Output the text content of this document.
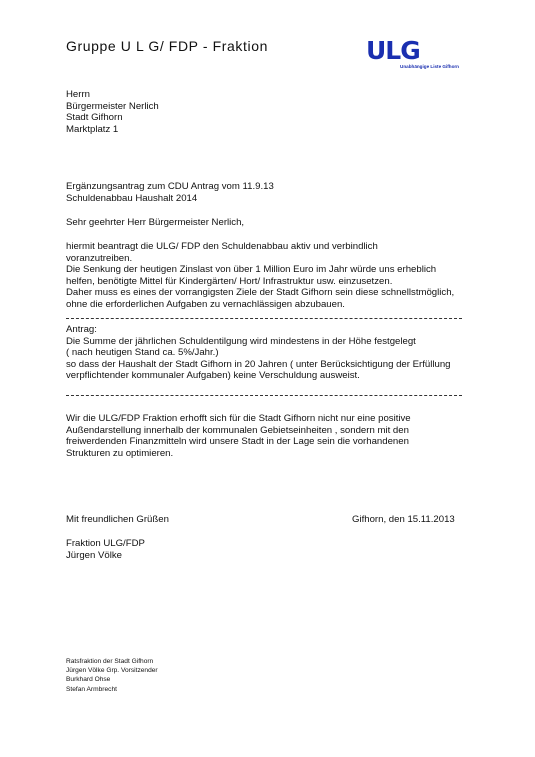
Gruppe U L G/ FDP - Fraktion	ULG
Unabhängige Liste Gifhorn
Herrn
Bürgermeister Nerlich
Stadt Gifhorn
Marktplatz 1
Ergänzungsantrag zum CDU Antrag vom 11.9.13
Schuldenabbau Haushalt 2014
Sehr geehrter Herr Bürgermeister Nerlich,
hiermit beantragt die ULG/ FDP den Schuldenabbau aktiv und verbindlich
voranzutreiben.
Die Senkung der heutigen Zinslast von über 1 Million Euro im Jahr würde uns erheblich
helfen, benötigte Mittel für Kindergärten/ Hort/ Infrastruktur usw. einzusetzen.
Daher muss es eines der vorrangigsten Ziele der Stadt Gifhorn sein diese schnellstmöglich,
ohne die erforderlichen Aufgaben zu vernachlässigen abzubauen.
Antrag:
Die Summe der jährlichen Schuldentilgung wird mindestens in der Höhe festgelegt
( nach heutigen Stand ca. 5%/Jahr.)
so dass der Haushalt der Stadt Gifhorn in 20 Jahren ( unter Berücksichtigung der Erfüllung
verpflichtender kommunaler Aufgaben) keine Verschuldung ausweist.
Wir die ULG/FDP Fraktion erhofft sich für die Stadt Gifhorn nicht nur eine positive
Außendarstellung innerhalb der kommunalen Gebietseinheiten , sondern mit den
freiwerdenden Finanzmitteln wird unsere Stadt in der Lage sein die vorhandenen
Strukturen zu optimieren.
Mit freundlichen Grüßen	Gifhorn, den 15.11.2013
Fraktion ULG/FDP
Jürgen Völke
Ratsfraktion der Stadt Gifhorn
Jürgen Völke Grp. Vorsitzender
Burkhard Ohse
Stefan Armbrecht
